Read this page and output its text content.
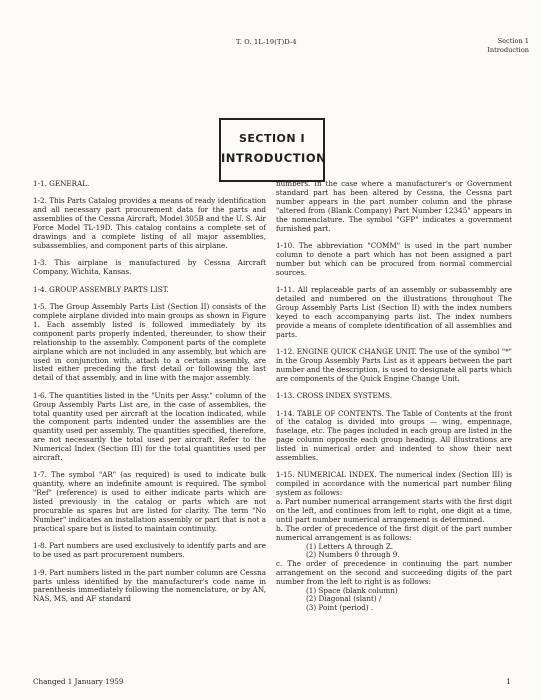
T. O. 1L-19(T)D-4	Section 1
Introduction
SECTION I
INTRODUCTION

1-1. GENERAL.

1-2. This Parts Catalog provides a means of ready identification and all necessary part procurement data for the parts and assemblies of the Cessna Aircraft, Model 305B and the U. S. Air Force Model TL-19D. This catalog contains a complete set of drawings and a complete listing of all major assemblies, subassemblies, and component parts of this airplane.

1-3. This airplane is manufactured by Cessna Aircraft Company, Wichita, Kansas.

1-4. GROUP ASSEMBLY PARTS LIST.

1-5. The Group Assembly Parts List (Section II) consists of the complete airplane divided into main groups as shown in Figure 1. Each assembly listed is followed immediately by its component parts properly indented, thereunder, to show their relationship to the assembly. Component parts of the complete airplane which are not included in any assembly, but which are used in conjunction with, attach to a certain assembly, are listed either preceding the first detail or following the last detail of that assembly, and in line with the major assembly.

1-6. The quantities listed in the "Units per Assy." column of the Group Assembly Parts List are, in the case of assemblies, the total quantity used per aircraft at the location indicated, while the component parts indented under the assemblies are the quantity used per assembly. The quantities specified, therefore, are not necessarily the total used per aircraft. Refer to the Numerical Index (Section III) for the total quantities used per aircraft.

1-7. The symbol "AR" (as required) is used to indicate bulk quantity, where an indefinite amount is required. The symbol "Ref" (reference) is used to either indicate parts which are listed previously in the catalog or parts which are not procurable as spares but are listed for clarity. The term "No Number" indicates an installation assembly or part that is not a practical spare but is listed to maintain continuity.

1-8. Part numbers are used exclusively to identify parts and are to be used as part procurement numbers.

1-9. Part numbers listed in the part number column are Cessna parts unless identified by the manufacturer's code name in parenthesis immediately following the nomenclature, or by AN, NAS, MS, and AF standard

numbers. In the case where a manufacturer's or Government standard part has been altered by Cessna, the Cessna part number appears in the part number column and the phrase "altered from (Blank Company) Part Number 12345" appears in the nomenclature. The symbol "GFP" indicates a government furnished part.

1-10. The abbreviation "COMM" is used in the part number column to denote a part which has not been assigned a part number but which can be procured from normal commercial sources.

1-11. All replaceable parts of an assembly or subassembly are detailed and numbered on the illustrations throughout The Group Assembly Parts List (Section II) with the index numbers keyed to each accompanying parts list. The index numbers provide a means of complete identification of all assemblies and parts.

1-12. ENGINE QUICK CHANGE UNIT. The use of the symbol "*" in the Group Assembly Parts List as it appears between the part number and the description, is used to designate all parts which are components of the Quick Engine Change Unit.

1-13. CROSS INDEX SYSTEMS.

1-14. TABLE OF CONTENTS. The Table of Contents at the front of the catalog is divided into groups — wing, empennage, fuselage, etc. The pages included in each group are listed in the page column opposite each group heading. All illustrations are listed in numerical order and indented to show their next assemblies.

1-15. NUMERICAL INDEX. The numerical index (Section III) is compiled in accordance with the numerical part number filing system as follows:

a. Part number numerical arrangement starts with the first digit on the left, and continues from left to right, one digit at a time, until part number numerical arrangement is determined.

b. The order of precedence of the first digit of the part number numerical arrangement is as follows:

(1) Letters A through Z.
(2) Numbers 0 through 9.

c. The order of precedence in continuing the part number arrangement on the second and succeeding digits of the part number from the left to right is as follows:

(1) Space (blank column)
(2) Diagonal (slant) /
(3) Point (period) .
Changed 1 January 1959	1
